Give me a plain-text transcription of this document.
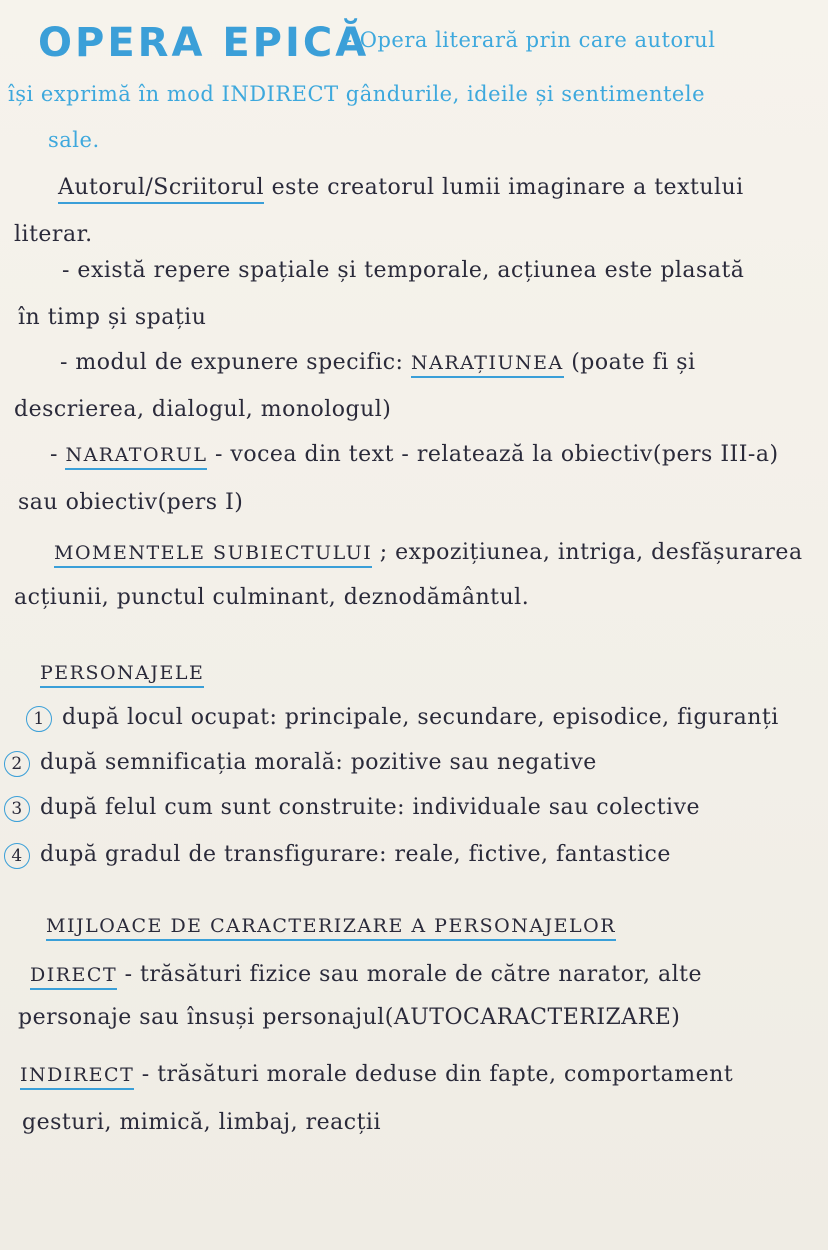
OPERA EPICĂ
- Opera literară prin care autorul
își exprimă în mod INDIRECT gândurile, ideile și sentimentele
sale.
Autorul/Scriitorul este creatorul lumii imaginare a textului
literar.
- există repere spațiale și temporale, acțiunea este plasată
în timp și spațiu
- modul de expunere specific: NARAȚIUNEA (poate fi și
descrierea, dialogul, monologul)
- NARATORUL - vocea din text - relatează la obiectiv(pers III-a)
sau obiectiv(pers I)
MOMENTELE SUBIECTULUI ; expozițiunea, intriga, desfășurarea
acțiunii, punctul culminant, deznodământul.
PERSONAJELE
1 după locul ocupat: principale, secundare, episodice, figuranți
2 după semnificația morală: pozitive sau negative
3 după felul cum sunt construite: individuale sau colective
4 după gradul de transfigurare: reale, fictive, fantastice
MIJLOACE DE CARACTERIZARE A PERSONAJELOR
DIRECT - trăsături fizice sau morale de către narator, alte
personaje sau însuși personajul(AUTOCARACTERIZARE)
INDIRECT - trăsături morale deduse din fapte, comportament
gesturi, mimică, limbaj, reacții
